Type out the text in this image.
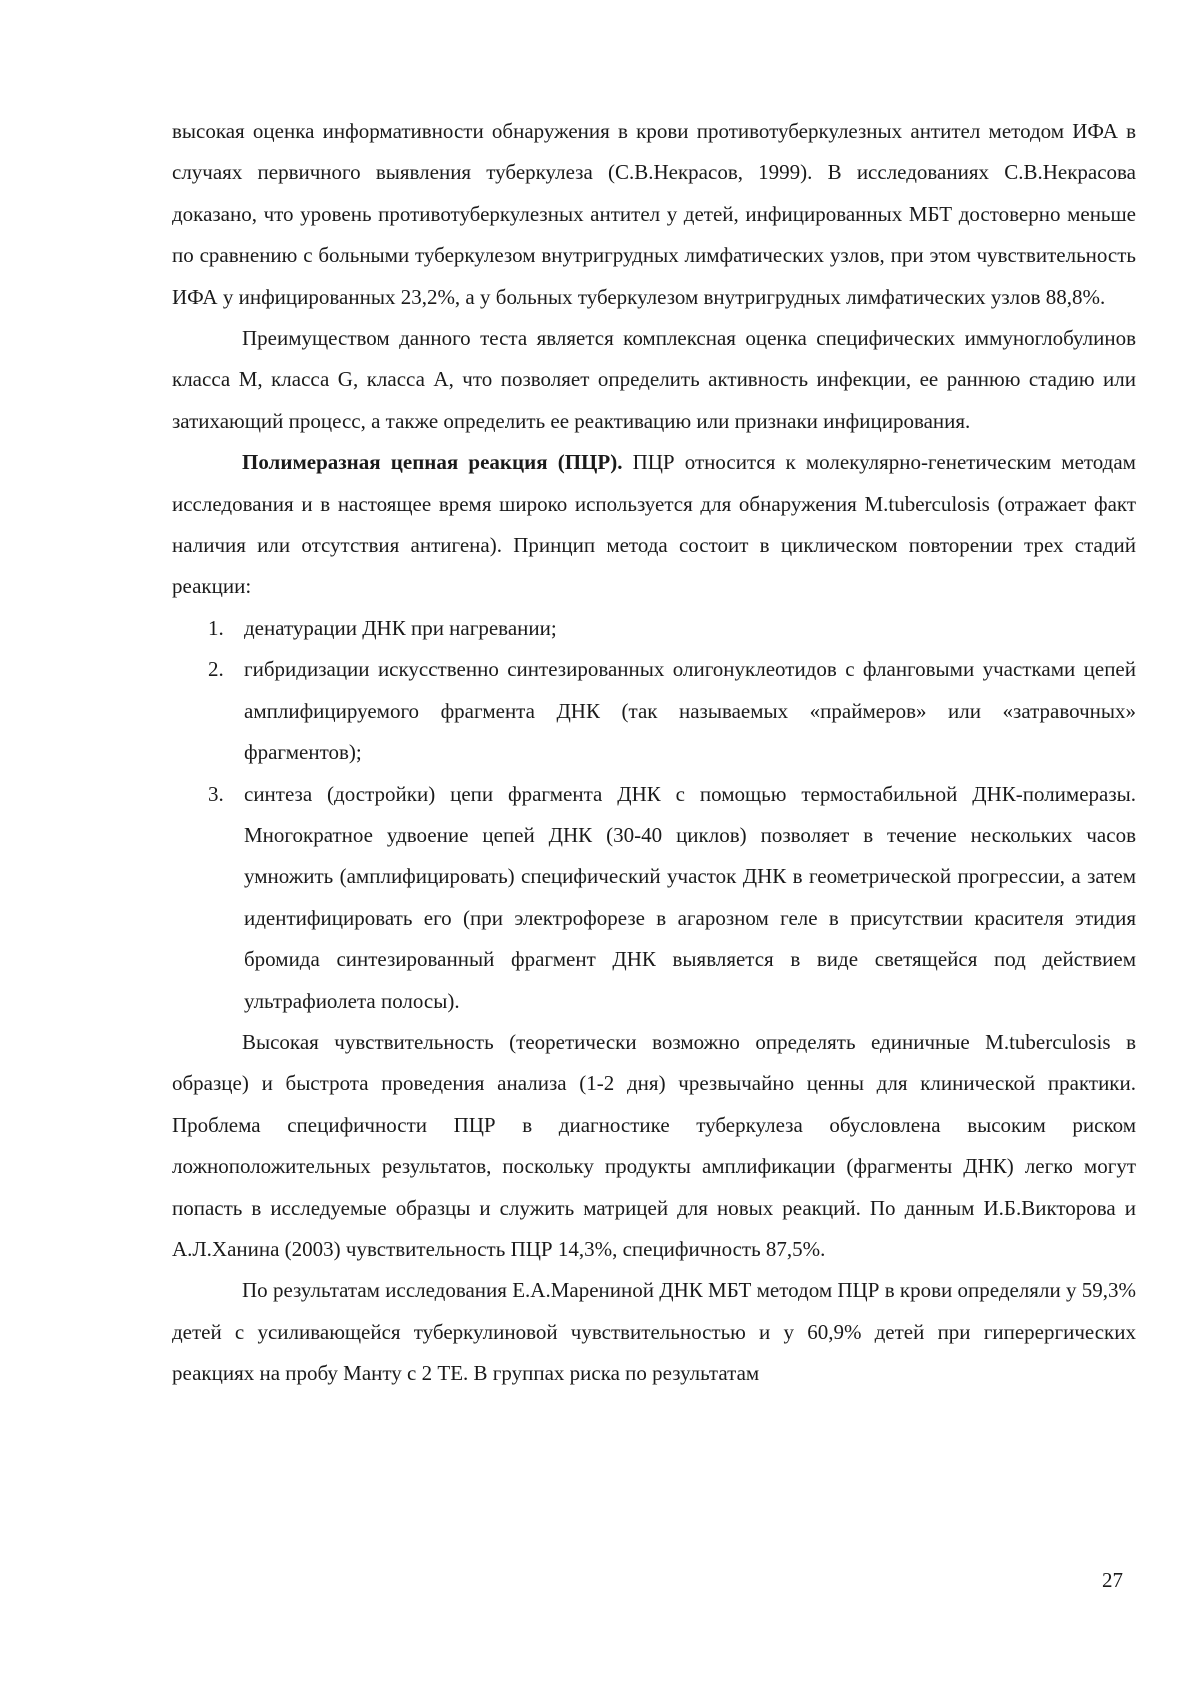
высокая оценка информативности обнаружения в крови противотуберкулезных антител методом ИФА в случаях первичного выявления туберкулеза (С.В.Некрасов, 1999). В исследованиях С.В.Некрасова доказано, что уровень противотуберкулезных антител у детей, инфицированных МБТ достоверно меньше по сравнению с больными туберкулезом внутригрудных лимфатических узлов, при этом чувствительность ИФА у инфицированных 23,2%, а у больных туберкулезом внутригрудных лимфатических узлов 88,8%.

Преимуществом данного теста является комплексная оценка специфических иммуноглобулинов класса М, класса G, класса А, что позволяет определить активность инфекции, ее раннюю стадию или затихающий процесс, а также определить ее реактивацию или признаки инфицирования.

Полимеразная цепная реакция (ПЦР). ПЦР относится к молекулярно-генетическим методам исследования и в настоящее время широко используется для обнаружения M.tuberculosis (отражает факт наличия или отсутствия антигена). Принцип метода состоит в циклическом повторении трех стадий реакции:

1. денатурации ДНК при нагревании;
2. гибридизации искусственно синтезированных олигонуклеотидов с фланговыми участками цепей амплифицируемого фрагмента ДНК (так называемых «праймеров» или «затравочных» фрагментов);
3. синтеза (достройки) цепи фрагмента ДНК с помощью термостабильной ДНК-полимеразы. Многократное удвоение цепей ДНК (30-40 циклов) позволяет в течение нескольких часов умножить (амплифицировать) специфический участок ДНК в геометрической прогрессии, а затем идентифицировать его (при электрофорезе в агарозном геле в присутствии красителя этидия бромида синтезированный фрагмент ДНК выявляется в виде светящейся под действием ультрафиолета полосы).

Высокая чувствительность (теоретически возможно определять единичные M.tuberculosis в образце) и быстрота проведения анализа (1-2 дня) чрезвычайно ценны для клинической практики. Проблема специфичности ПЦР в диагностике туберкулеза обусловлена высоким риском ложноположительных результатов, поскольку продукты амплификации (фрагменты ДНК) легко могут попасть в исследуемые образцы и служить матрицей для новых реакций. По данным И.Б.Викторова и А.Л.Ханина (2003) чувствительность ПЦР 14,3%, специфичность 87,5%.

По результатам исследования Е.А.Марениной ДНК МБТ методом ПЦР в крови определяли у 59,3% детей с усиливающейся туберкулиновой чувствительностью и у 60,9% детей при гиперергических реакциях на пробу Манту с 2 ТЕ. В группах риска по результатам

27
